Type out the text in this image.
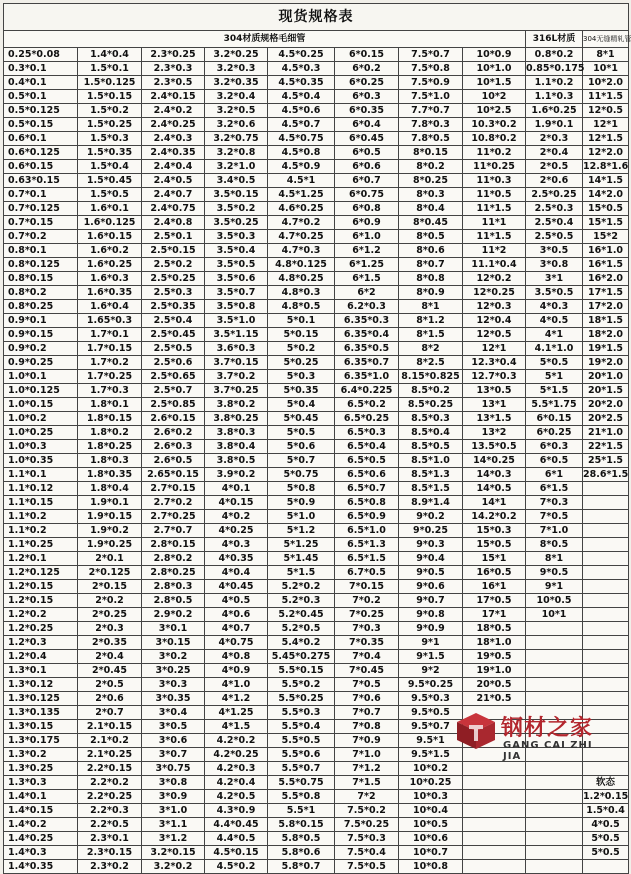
现货规格表									
304材质规格毛细管								316L材质	304无缝精轧管
0.25*0.08	1.4*0.4	2.3*0.25	3.2*0.25	4.5*0.25	6*0.15	7.5*0.7	10*0.9	0.8*0.2	8*1
0.3*0.1	1.5*0.1	2.3*0.3	3.2*0.3	4.5*0.3	6*0.2	7.5*0.8	10*1.0	0.85*0.175	10*1
0.4*0.1	1.5*0.125	2.3*0.5	3.2*0.35	4.5*0.35	6*0.25	7.5*0.9	10*1.5	1.1*0.2	10*2.0
0.5*0.1	1.5*0.15	2.4*0.15	3.2*0.4	4.5*0.4	6*0.3	7.5*1.0	10*2	1.1*0.3	11*1.5
0.5*0.125	1.5*0.2	2.4*0.2	3.2*0.5	4.5*0.6	6*0.35	7.7*0.7	10*2.5	1.6*0.25	12*0.5
0.5*0.15	1.5*0.25	2.4*0.25	3.2*0.6	4.5*0.7	6*0.4	7.8*0.3	10.3*0.2	1.9*0.1	12*1
0.6*0.1	1.5*0.3	2.4*0.3	3.2*0.75	4.5*0.75	6*0.45	7.8*0.5	10.8*0.2	2*0.3	12*1.5
0.6*0.125	1.5*0.35	2.4*0.35	3.2*0.8	4.5*0.8	6*0.5	8*0.15	11*0.2	2*0.4	12*2.0
0.6*0.15	1.5*0.4	2.4*0.4	3.2*1.0	4.5*0.9	6*0.6	8*0.2	11*0.25	2*0.5	12.8*1.6
0.63*0.15	1.5*0.45	2.4*0.5	3.4*0.5	4.5*1	6*0.7	8*0.25	11*0.3	2*0.6	14*1.5
0.7*0.1	1.5*0.5	2.4*0.7	3.5*0.15	4.5*1.25	6*0.75	8*0.3	11*0.5	2.5*0.25	14*2.0
0.7*0.125	1.6*0.1	2.4*0.75	3.5*0.2	4.6*0.25	6*0.8	8*0.4	11*1.5	2.5*0.3	15*0.5
0.7*0.15	1.6*0.125	2.4*0.8	3.5*0.25	4.7*0.2	6*0.9	8*0.45	11*1	2.5*0.4	15*1.5
0.7*0.2	1.6*0.15	2.5*0.1	3.5*0.3	4.7*0.25	6*1.0	8*0.5	11*1.5	2.5*0.5	15*2
0.8*0.1	1.6*0.2	2.5*0.15	3.5*0.4	4.7*0.3	6*1.2	8*0.6	11*2	3*0.5	16*1.0
0.8*0.125	1.6*0.25	2.5*0.2	3.5*0.5	4.8*0.125	6*1.25	8*0.7	11.1*0.4	3*0.8	16*1.5
0.8*0.15	1.6*0.3	2.5*0.25	3.5*0.6	4.8*0.25	6*1.5	8*0.8	12*0.2	3*1	16*2.0
0.8*0.2	1.6*0.35	2.5*0.3	3.5*0.7	4.8*0.3	6*2	8*0.9	12*0.25	3.5*0.5	17*1.5
0.8*0.25	1.6*0.4	2.5*0.35	3.5*0.8	4.8*0.5	6.2*0.3	8*1	12*0.3	4*0.3	17*2.0
0.9*0.1	1.65*0.3	2.5*0.4	3.5*1.0	5*0.1	6.35*0.3	8*1.2	12*0.4	4*0.5	18*1.5
0.9*0.15	1.7*0.1	2.5*0.45	3.5*1.15	5*0.15	6.35*0.4	8*1.5	12*0.5	4*1	18*2.0
0.9*0.2	1.7*0.15	2.5*0.5	3.6*0.3	5*0.2	6.35*0.5	8*2	12*1	4.1*1.0	19*1.5
0.9*0.25	1.7*0.2	2.5*0.6	3.7*0.15	5*0.25	6.35*0.7	8*2.5	12.3*0.4	5*0.5	19*2.0
1.0*0.1	1.7*0.25	2.5*0.65	3.7*0.2	5*0.3	6.35*1.0	8.15*0.825	12.7*0.3	5*1	20*1.0
1.0*0.125	1.7*0.3	2.5*0.7	3.7*0.25	5*0.35	6.4*0.225	8.5*0.2	13*0.5	5*1.5	20*1.5
1.0*0.15	1.8*0.1	2.5*0.85	3.8*0.2	5*0.4	6.5*0.2	8.5*0.25	13*1	5.5*1.75	20*2.0
1.0*0.2	1.8*0.15	2.6*0.15	3.8*0.25	5*0.45	6.5*0.25	8.5*0.3	13*1.5	6*0.15	20*2.5
1.0*0.25	1.8*0.2	2.6*0.2	3.8*0.3	5*0.5	6.5*0.3	8.5*0.4	13*2	6*0.25	21*1.0
1.0*0.3	1.8*0.25	2.6*0.3	3.8*0.4	5*0.6	6.5*0.4	8.5*0.5	13.5*0.5	6*0.3	22*1.5
1.0*0.35	1.8*0.3	2.6*0.5	3.8*0.5	5*0.7	6.5*0.5	8.5*1.0	14*0.25	6*0.5	25*1.5
1.1*0.1	1.8*0.35	2.65*0.15	3.9*0.2	5*0.75	6.5*0.6	8.5*1.3	14*0.3	6*1	28.6*1.5
1.1*0.12	1.8*0.4	2.7*0.15	4*0.1	5*0.8	6.5*0.7	8.5*1.5	14*0.5	6*1.5	
1.1*0.15	1.9*0.1	2.7*0.2	4*0.15	5*0.9	6.5*0.8	8.9*1.4	14*1	7*0.3	
1.1*0.2	1.9*0.15	2.7*0.25	4*0.2	5*1.0	6.5*0.9	9*0.2	14.2*0.2	7*0.5	
1.1*0.2	1.9*0.2	2.7*0.7	4*0.25	5*1.2	6.5*1.0	9*0.25	15*0.3	7*1.0	
1.1*0.25	1.9*0.25	2.8*0.15	4*0.3	5*1.25	6.5*1.3	9*0.3	15*0.5	8*0.5	
1.2*0.1	2*0.1	2.8*0.2	4*0.35	5*1.45	6.5*1.5	9*0.4	15*1	8*1	
1.2*0.125	2*0.125	2.8*0.25	4*0.4	5*1.5	6.7*0.5	9*0.5	16*0.5	9*0.5	
1.2*0.15	2*0.15	2.8*0.3	4*0.45	5.2*0.2	7*0.15	9*0.6	16*1	9*1	
1.2*0.15	2*0.2	2.8*0.5	4*0.5	5.2*0.3	7*0.2	9*0.7	17*0.5	10*0.5	
1.2*0.2	2*0.25	2.9*0.2	4*0.6	5.2*0.45	7*0.25	9*0.8	17*1	10*1	
1.2*0.25	2*0.3	3*0.1	4*0.7	5.2*0.5	7*0.3	9*0.9	18*0.5		
1.2*0.3	2*0.35	3*0.15	4*0.75	5.4*0.2	7*0.35	9*1	18*1.0		
1.2*0.4	2*0.4	3*0.2	4*0.8	5.45*0.275	7*0.4	9*1.5	19*0.5		
1.3*0.1	2*0.45	3*0.25	4*0.9	5.5*0.15	7*0.45	9*2	19*1.0		
1.3*0.12	2*0.5	3*0.3	4*1.0	5.5*0.2	7*0.5	9.5*0.25	20*0.5		
1.3*0.125	2*0.6	3*0.35	4*1.2	5.5*0.25	7*0.6	9.5*0.3	21*0.5		
1.3*0.135	2*0.7	3*0.4	4*1.25	5.5*0.3	7*0.7	9.5*0.5			
1.3*0.15	2.1*0.15	3*0.5	4*1.5	5.5*0.4	7*0.8	9.5*0.7			
1.3*0.175	2.1*0.2	3*0.6	4.2*0.2	5.5*0.5	7*0.9	9.5*1			
1.3*0.2	2.1*0.25	3*0.7	4.2*0.25	5.5*0.6	7*1.0	9.5*1.5			
1.3*0.25	2.2*0.15	3*0.75	4.2*0.3	5.5*0.7	7*1.2	10*0.2			
1.3*0.3	2.2*0.2	3*0.8	4.2*0.4	5.5*0.75	7*1.5	10*0.25			软态
1.4*0.1	2.2*0.25	3*0.9	4.2*0.5	5.5*0.8	7*2	10*0.3			1.2*0.15
1.4*0.15	2.2*0.3	3*1.0	4.3*0.9	5.5*1	7.5*0.2	10*0.4			1.5*0.4
1.4*0.2	2.2*0.5	3*1.1	4.4*0.45	5.8*0.15	7.5*0.25	10*0.5			4*0.5
1.4*0.25	2.3*0.1	3*1.2	4.4*0.5	5.8*0.5	7.5*0.3	10*0.6			5*0.5
1.4*0.3	2.3*0.15	3.2*0.15	4.5*0.15	5.8*0.6	7.5*0.4	10*0.7			5*0.5
1.4*0.35	2.3*0.2	3.2*0.2	4.5*0.2	5.8*0.7	7.5*0.5	10*0.8			
钢材之家
GANG CAI ZHI JIA
